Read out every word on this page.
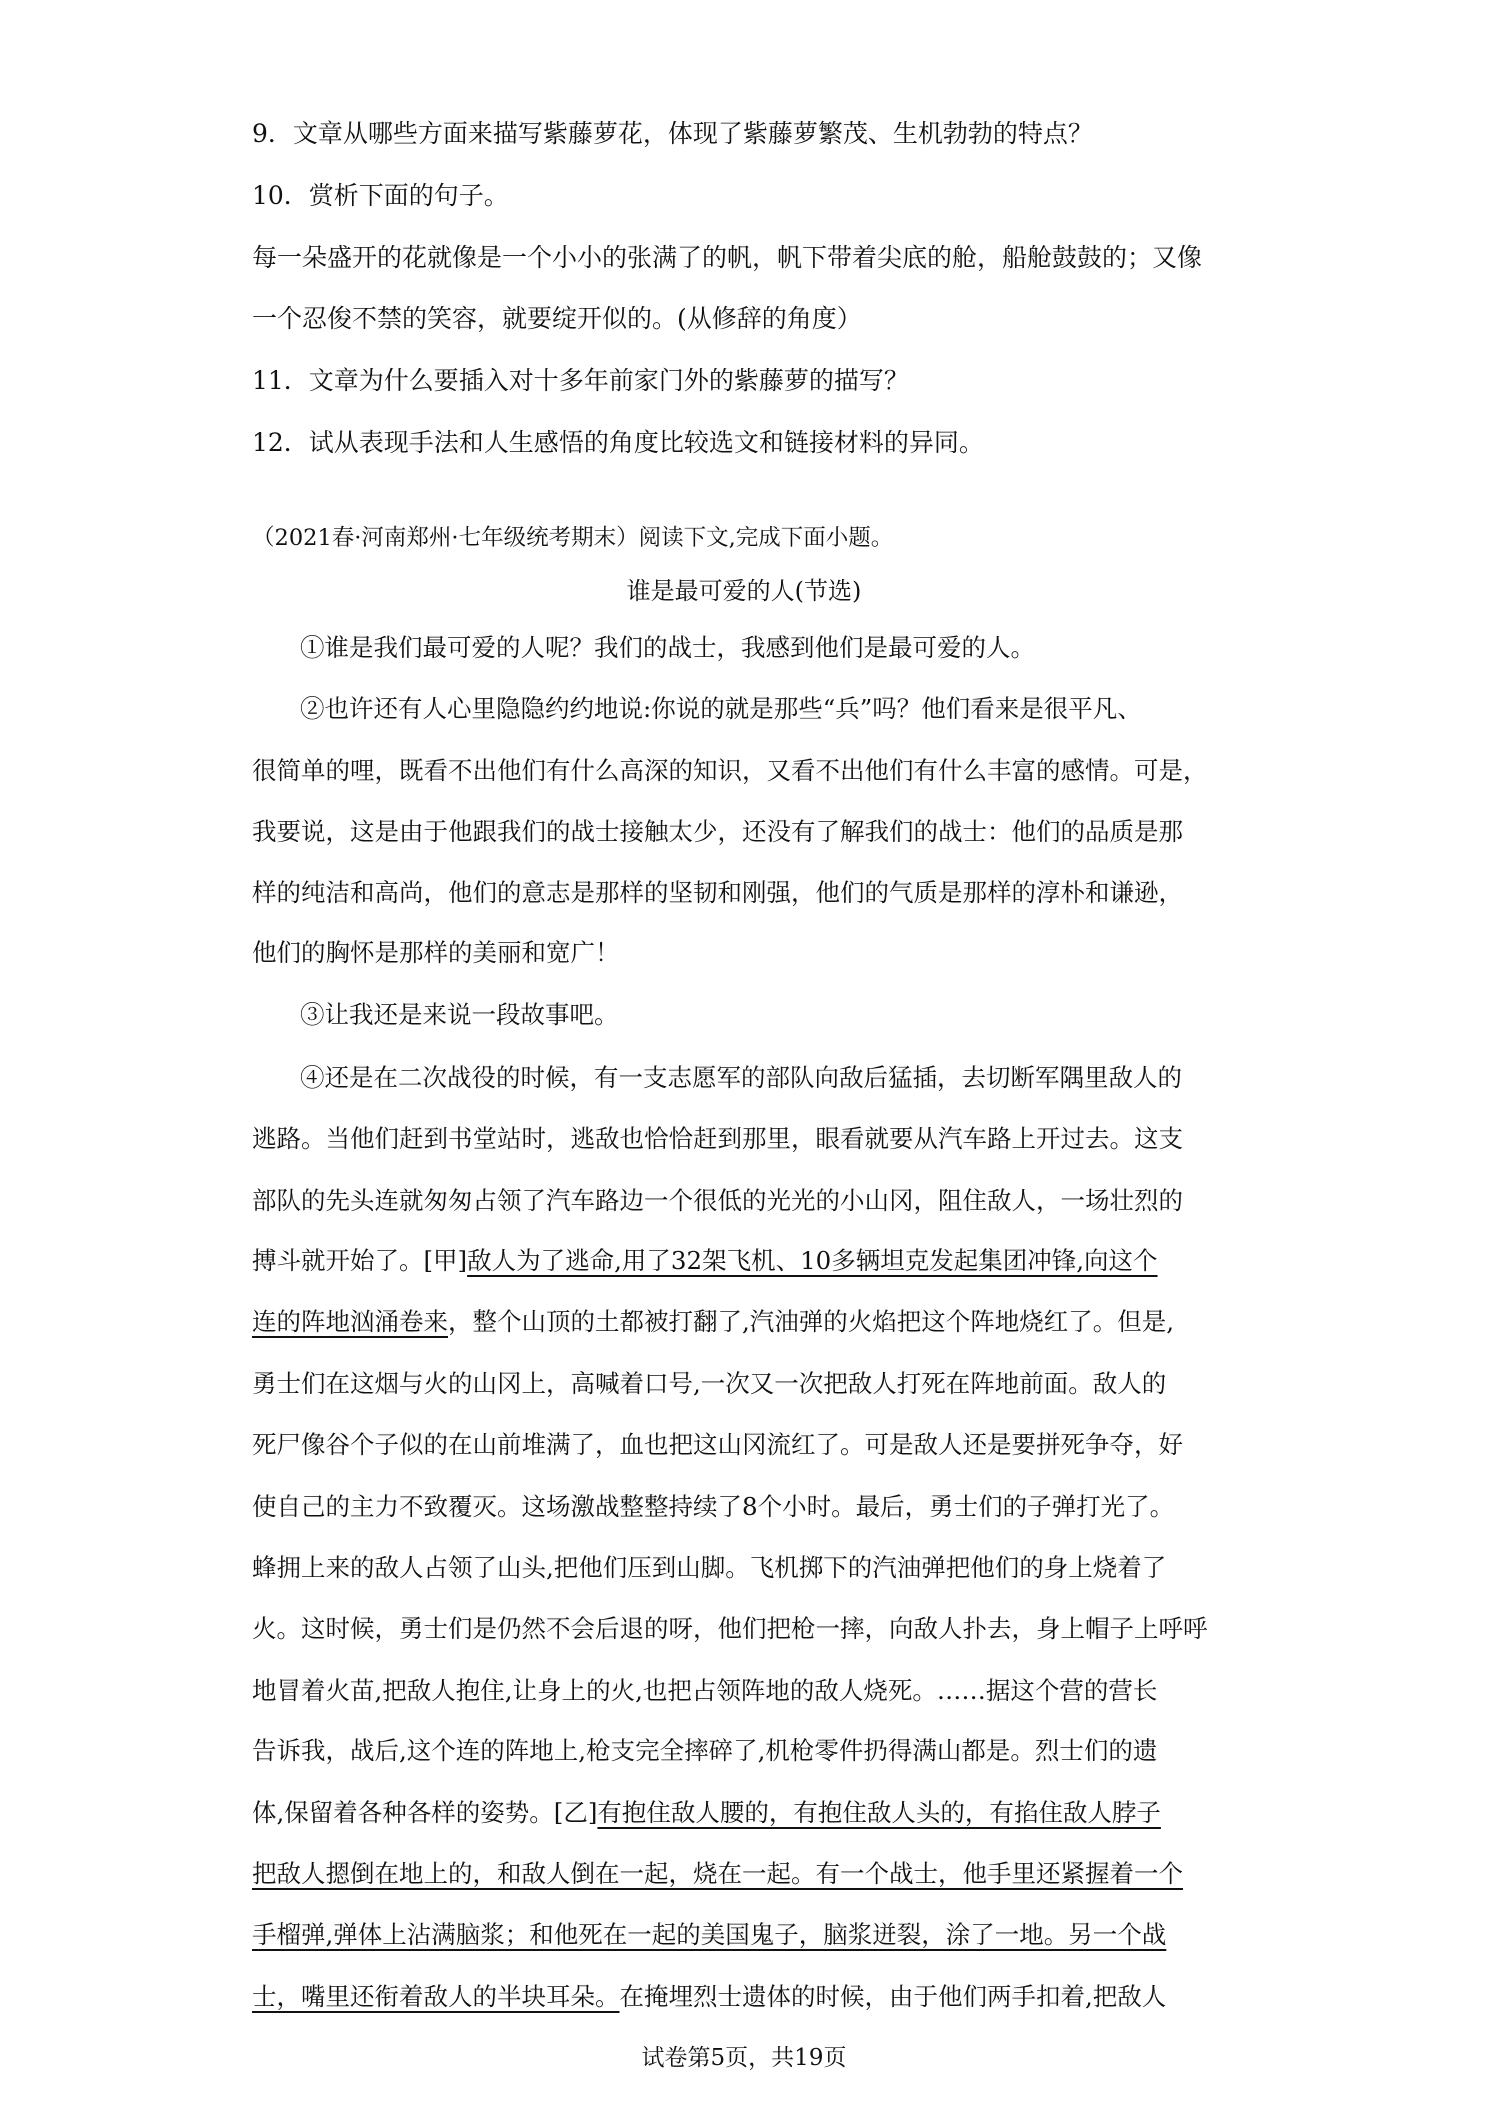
9．文章从哪些方面来描写紫藤萝花，体现了紫藤萝繁茂、生机勃勃的特点？
10．赏析下面的句子。
每一朵盛开的花就像是一个小小的张满了的帆，帆下带着尖底的舱，船舱鼓鼓的；又像
一个忍俊不禁的笑容，就要绽开似的。(从修辞的角度）
11．文章为什么要插入对十多年前家门外的紫藤萝的描写？
12．试从表现手法和人生感悟的角度比较选文和链接材料的异同。
（2021春·河南郑州·七年级统考期末）阅读下文,完成下面小题。
谁是最可爱的人(节选)
①谁是我们最可爱的人呢？我们的战士，我感到他们是最可爱的人。
②也许还有人心里隐隐约约地说:你说的就是那些“兵”吗？他们看来是很平凡、
很简单的哩，既看不出他们有什么高深的知识，又看不出他们有什么丰富的感情。可是，
我要说，这是由于他跟我们的战士接触太少，还没有了解我们的战士：他们的品质是那
样的纯洁和高尚，他们的意志是那样的坚韧和刚强，他们的气质是那样的淳朴和谦逊，
他们的胸怀是那样的美丽和宽广！
③让我还是来说一段故事吧。
④还是在二次战役的时候，有一支志愿军的部队向敌后猛插，去切断军隅里敌人的
逃路。当他们赶到书堂站时，逃敌也恰恰赶到那里，眼看就要从汽车路上开过去。这支
部队的先头连就匆匆占领了汽车路边一个很低的光光的小山冈，阻住敌人，一场壮烈的
搏斗就开始了。[甲]敌人为了逃命,用了32架飞机、10多辆坦克发起集团冲锋,向这个
连的阵地汹涌卷来，整个山顶的土都被打翻了,汽油弹的火焰把这个阵地烧红了。但是,
勇士们在这烟与火的山冈上，高喊着口号,一次又一次把敌人打死在阵地前面。敌人的
死尸像谷个子似的在山前堆满了，血也把这山冈流红了。可是敌人还是要拼死争夺，好
使自己的主力不致覆灭。这场激战整整持续了8个小时。最后，勇士们的子弹打光了。
蜂拥上来的敌人占领了山头,把他们压到山脚。飞机掷下的汽油弹把他们的身上烧着了
火。这时候，勇士们是仍然不会后退的呀，他们把枪一摔，向敌人扑去，身上帽子上呼呼
地冒着火苗,把敌人抱住,让身上的火,也把占领阵地的敌人烧死。……据这个营的营长
告诉我，战后,这个连的阵地上,枪支完全摔碎了,机枪零件扔得满山都是。烈士们的遗
体,保留着各种各样的姿势。[乙]有抱住敌人腰的，有抱住敌人头的，有掐住敌人脖子
把敌人摁倒在地上的，和敌人倒在一起，烧在一起。有一个战士，他手里还紧握着一个
手榴弹,弹体上沾满脑浆；和他死在一起的美国鬼子，脑浆迸裂，涂了一地。另一个战
士，嘴里还衔着敌人的半块耳朵。在掩埋烈士遗体的时候，由于他们两手扣着,把敌人
试卷第5页，共19页
